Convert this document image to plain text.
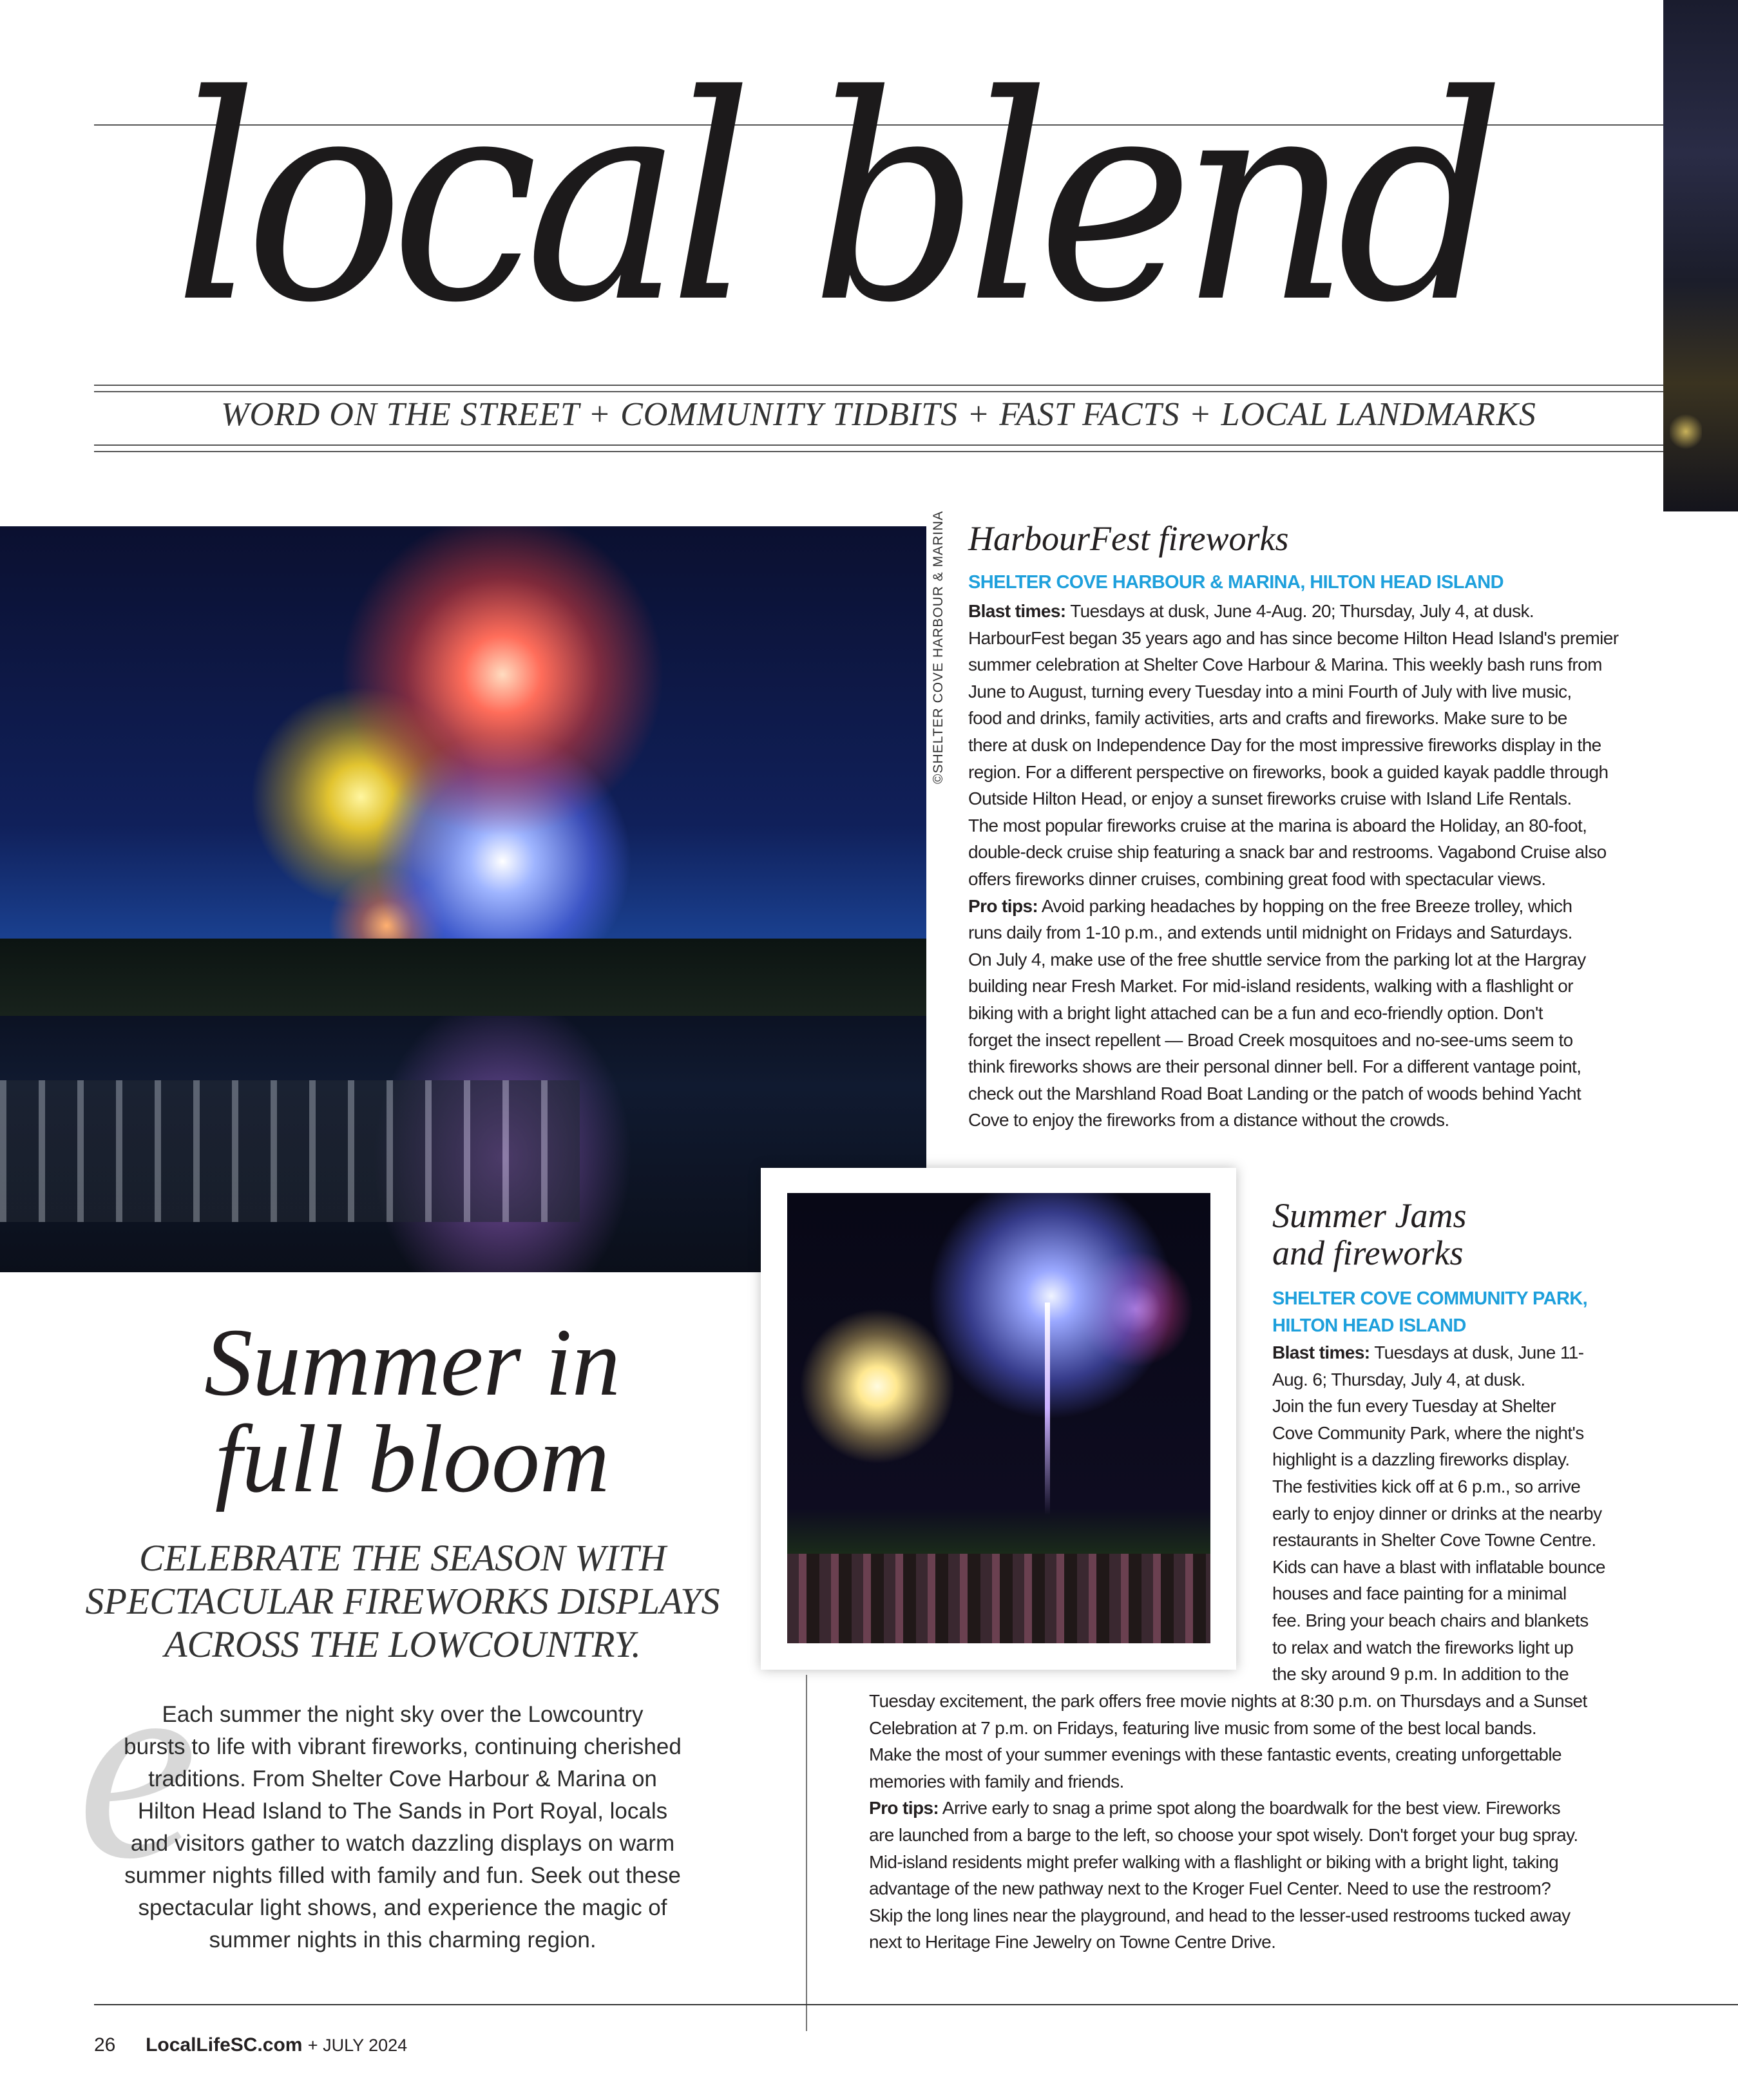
local blend
WORD ON THE STREET + COMMUNITY TIDBITS + FAST FACTS + LOCAL LANDMARKS
©SHELTER COVE HARBOUR & MARINA HarbourFest fireworks
SHELTER COVE HARBOUR & MARINA, HILTON HEAD ISLAND
Blast times: Tuesdays at dusk, June 4-Aug. 20; Thursday, July 4, at dusk.
HarbourFest began 35 years ago and has since become Hilton Head Island's premier
summer celebration at Shelter Cove Harbour & Marina. This weekly bash runs from
June to August, turning every Tuesday into a mini Fourth of July with live music,
food and drinks, family activities, arts and crafts and fireworks. Make sure to be
there at dusk on Independence Day for the most impressive fireworks display in the
region. For a different perspective on fireworks, book a guided kayak paddle through
Outside Hilton Head, or enjoy a sunset fireworks cruise with Island Life Rentals.
The most popular fireworks cruise at the marina is aboard the Holiday, an 80-foot,
double-deck cruise ship featuring a snack bar and restrooms. Vagabond Cruise also
offers fireworks dinner cruises, combining great food with spectacular views.
Pro tips: Avoid parking headaches by hopping on the free Breeze trolley, which
runs daily from 1-10 p.m., and extends until midnight on Fridays and Saturdays.
On July 4, make use of the free shuttle service from the parking lot at the Hargray
building near Fresh Market. For mid-island residents, walking with a flashlight or
biking with a bright light attached can be a fun and eco-friendly option. Don't
forget the insect repellent — Broad Creek mosquitoes and no-see-ums seem to
think fireworks shows are their personal dinner bell. For a different vantage point,
check out the Marshland Road Boat Landing or the patch of woods behind Yacht
Cove to enjoy the fireworks from a distance without the crowds.
Summer Jams
and fireworks
SHELTER COVE COMMUNITY PARK,
HILTON HEAD ISLAND
Blast times: Tuesdays at dusk, June 11-
Aug. 6; Thursday, July 4, at dusk.
Join the fun every Tuesday at Shelter
Cove Community Park, where the night's
highlight is a dazzling fireworks display.
The festivities kick off at 6 p.m., so arrive
early to enjoy dinner or drinks at the nearby
restaurants in Shelter Cove Towne Centre.
Kids can have a blast with inflatable bounce
houses and face painting for a minimal
fee. Bring your beach chairs and blankets
to relax and watch the fireworks light up
the sky around 9 p.m. In addition to the
Tuesday excitement, the park offers free movie nights at 8:30 p.m. on Thursdays and a Sunset
Celebration at 7 p.m. on Fridays, featuring live music from some of the best local bands.
Make the most of your summer evenings with these fantastic events, creating unforgettable
memories with family and friends.
Pro tips: Arrive early to snag a prime spot along the boardwalk for the best view. Fireworks
are launched from a barge to the left, so choose your spot wisely. Don't forget your bug spray.
Mid-island residents might prefer walking with a flashlight or biking with a bright light, taking
advantage of the new pathway next to the Kroger Fuel Center. Need to use the restroom?
Skip the long lines near the playground, and head to the lesser-used restrooms tucked away
next to Heritage Fine Jewelry on Towne Centre Drive.
Summer in
full bloom
CELEBRATE THE SEASON WITH
SPECTACULAR FIREWORKS DISPLAYS
ACROSS THE LOWCOUNTRY.
e
Each summer the night sky over the Lowcountry
bursts to life with vibrant fireworks, continuing cherished
traditions. From Shelter Cove Harbour & Marina on
Hilton Head Island to The Sands in Port Royal, locals
and visitors gather to watch dazzling displays on warm
summer nights filled with family and fun. Seek out these
spectacular light shows, and experience the magic of
summer nights in this charming region.
26 LocalLifeSC.com + JULY 2024
